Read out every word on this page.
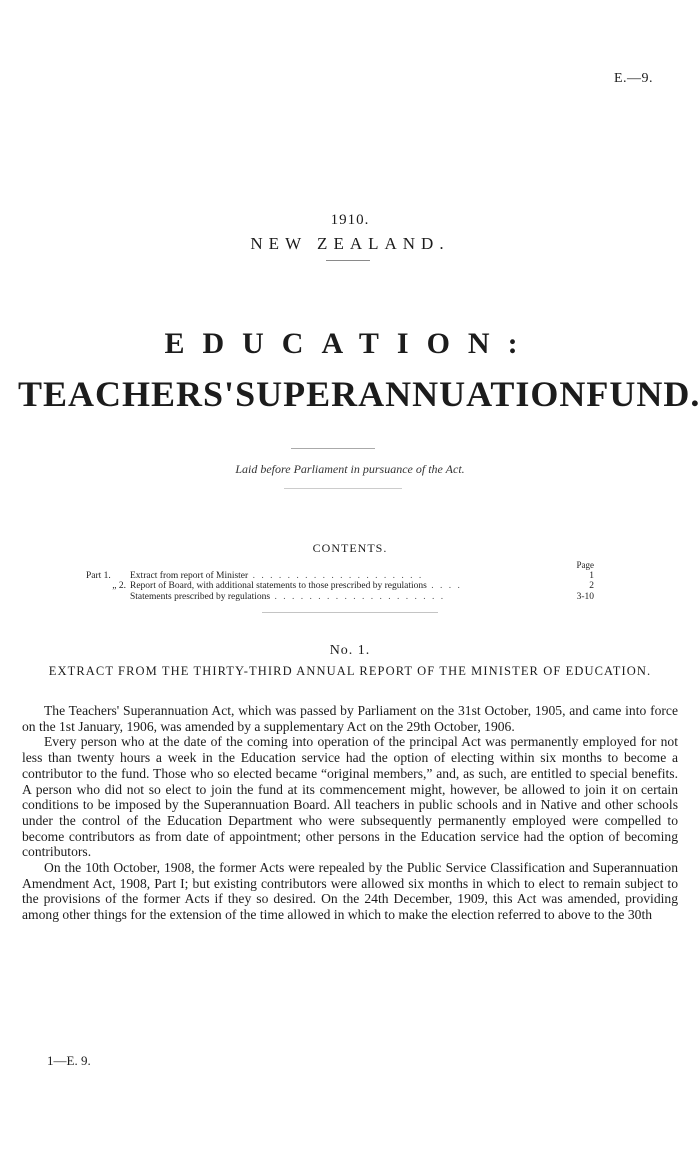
E.—9.
1910.
NEW ZEALAND.
EDUCATION:
TEACHERS' SUPERANNUATION FUND.
Laid before Parliament in pursuance of the Act.
CONTENTS.
Page
Part 1.	Extract from report of Minister . . . . . . . . . . . . . . . . . . . .	1
„ 2. Report of Board, with additional statements to those prescribed by regulations . . . .	2
Statements prescribed by regulations . . . . . . . . . . . . . . . . . . . .	3-10
No. 1.
EXTRACT FROM THE THIRTY-THIRD ANNUAL REPORT OF THE MINISTER OF EDUCATION.

The Teachers' Superannuation Act, which was passed by Parliament on the 31st October, 1905, and came into force on the 1st January, 1906, was amended by a supplementary Act on the 29th October, 1906.

Every person who at the date of the coming into operation of the principal Act was permanently employed for not less than twenty hours a week in the Education service had the option of electing within six months to become a contributor to the fund. Those who so elected became “original members,” and, as such, are entitled to special benefits. A person who did not so elect to join the fund at its commencement might, however, be allowed to join it on certain conditions to be imposed by the Superannuation Board. All teachers in public schools and in Native and other schools under the control of the Education Department who were subsequently permanently employed were compelled to become contributors as from date of appointment; other persons in the Education service had the option of becoming contributors.

On the 10th October, 1908, the former Acts were repealed by the Public Service Classification and Superannuation Amendment Act, 1908, Part I; but existing contributors were allowed six months in which to elect to remain subject to the provisions of the former Acts if they so desired. On the 24th December, 1909, this Act was amended, providing among other things for the extension of the time allowed in which to make the election referred to above to the 30th

1—E. 9.
